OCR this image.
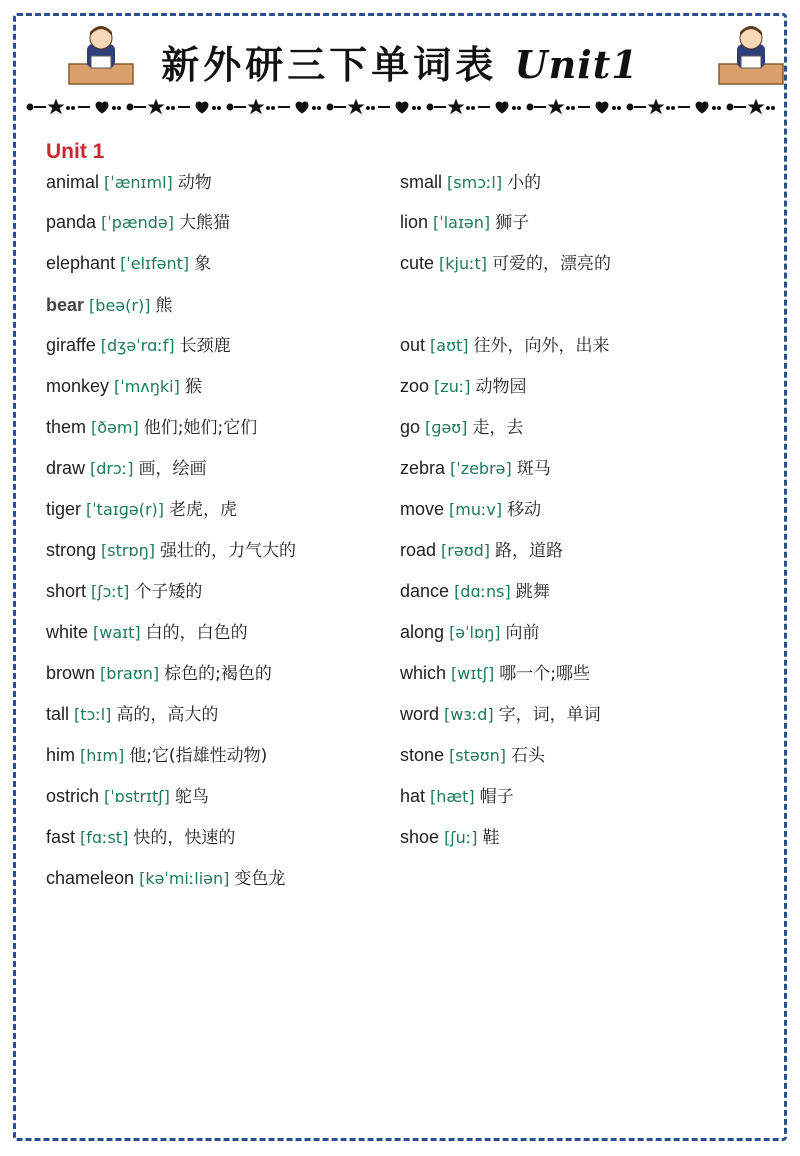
新外研三下单词表 Unit1
Unit 1
animal [ˈænɪml] 动物
panda [ˈpændə] 大熊猫
elephant [ˈelɪfənt] 象
bear [beə(r)] 熊
giraffe [dʒəˈrɑːf] 长颈鹿
monkey [ˈmʌŋki] 猴
them [ðəm] 他们;她们;它们
draw [drɔː] 画，绘画
tiger [ˈtaɪɡə(r)] 老虎，虎
strong [strɒŋ] 强壮的，力气大的
short [ʃɔːt] 个子矮的
white [waɪt] 白的，白色的
brown [braʊn] 棕色的;褐色的
tall [tɔːl] 高的，高大的
him [hɪm] 他;它(指雄性动物)
ostrich [ˈɒstrɪtʃ] 鸵鸟
fast [fɑːst] 快的，快速的
chameleon [kəˈmiːliən] 变色龙
small [smɔːl] 小的
lion [ˈlaɪən] 狮子
cute [kjuːt] 可爱的，漂亮的
out [aʊt] 往外，向外，出来
zoo [zuː] 动物园
go [ɡəʊ] 走，去
zebra [ˈzebrə] 斑马
move [muːv] 移动
road [rəʊd] 路，道路
dance [dɑːns] 跳舞
along [əˈlɒŋ] 向前
which [wɪtʃ] 哪一个;哪些
word [wɜːd] 字，词，单词
stone [stəʊn] 石头
hat [hæt] 帽子
shoe [ʃuː] 鞋
